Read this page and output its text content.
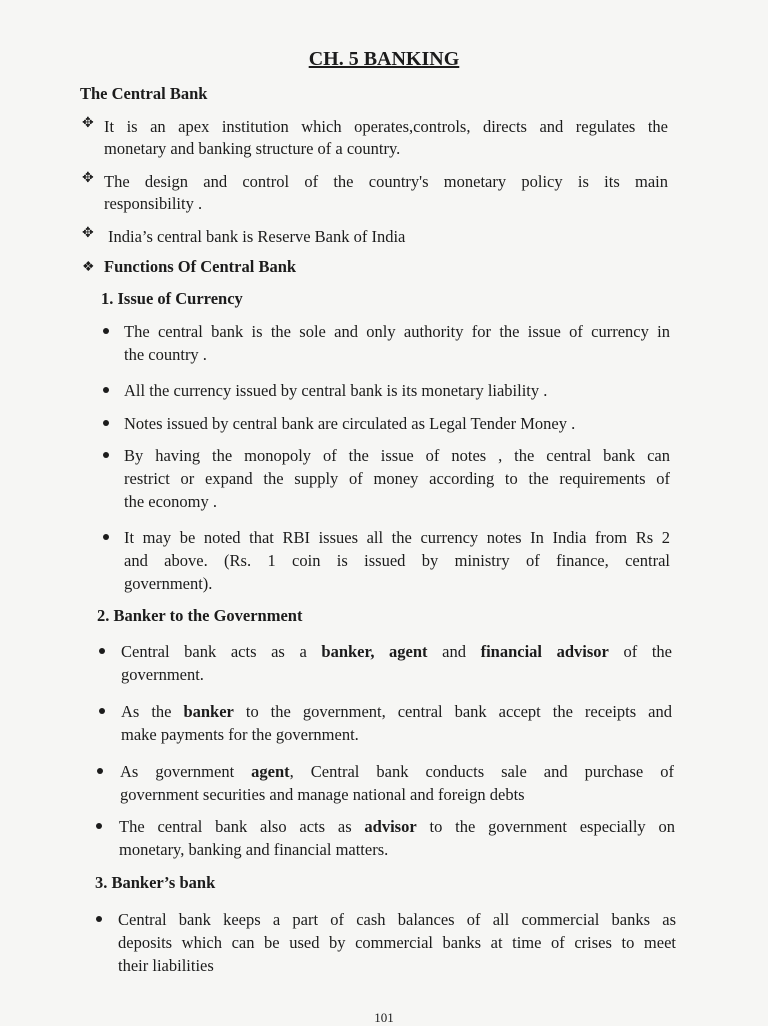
CH. 5 BANKING
The Central Bank
✥ It is an apex institution which operates,controls, directs and regulates the
monetary and banking structure of a country.
✥ The design and control of the country's monetary policy is its main
responsibility .
✥ India’s central bank is Reserve Bank of India
❖ Functions Of Central Bank
1. Issue of Currency
The central bank is the sole and only authority for the issue of currency in
the country .
All the currency issued by central bank is its monetary liability .
Notes issued by central bank are circulated as Legal Tender Money .
By having the monopoly of the issue of notes , the central bank can
restrict or expand the supply of money according to the requirements of
the economy .
It may be noted that RBI issues all the currency notes In India from Rs 2
and above. (Rs. 1 coin is issued by ministry of finance, central
government).
2. Banker to the Government
Central bank acts as a banker, agent and financial advisor of the
government.
As the banker to the government, central bank accept the receipts and
make payments for the government.
As government agent, Central bank conducts sale and purchase of
government securities and manage national and foreign debts
The central bank also acts as advisor to the government especially on
monetary, banking and financial matters.
3. Banker’s bank
Central bank keeps a part of cash balances of all commercial banks as
deposits which can be used by commercial banks at time of crises to meet
their liabilities
101
